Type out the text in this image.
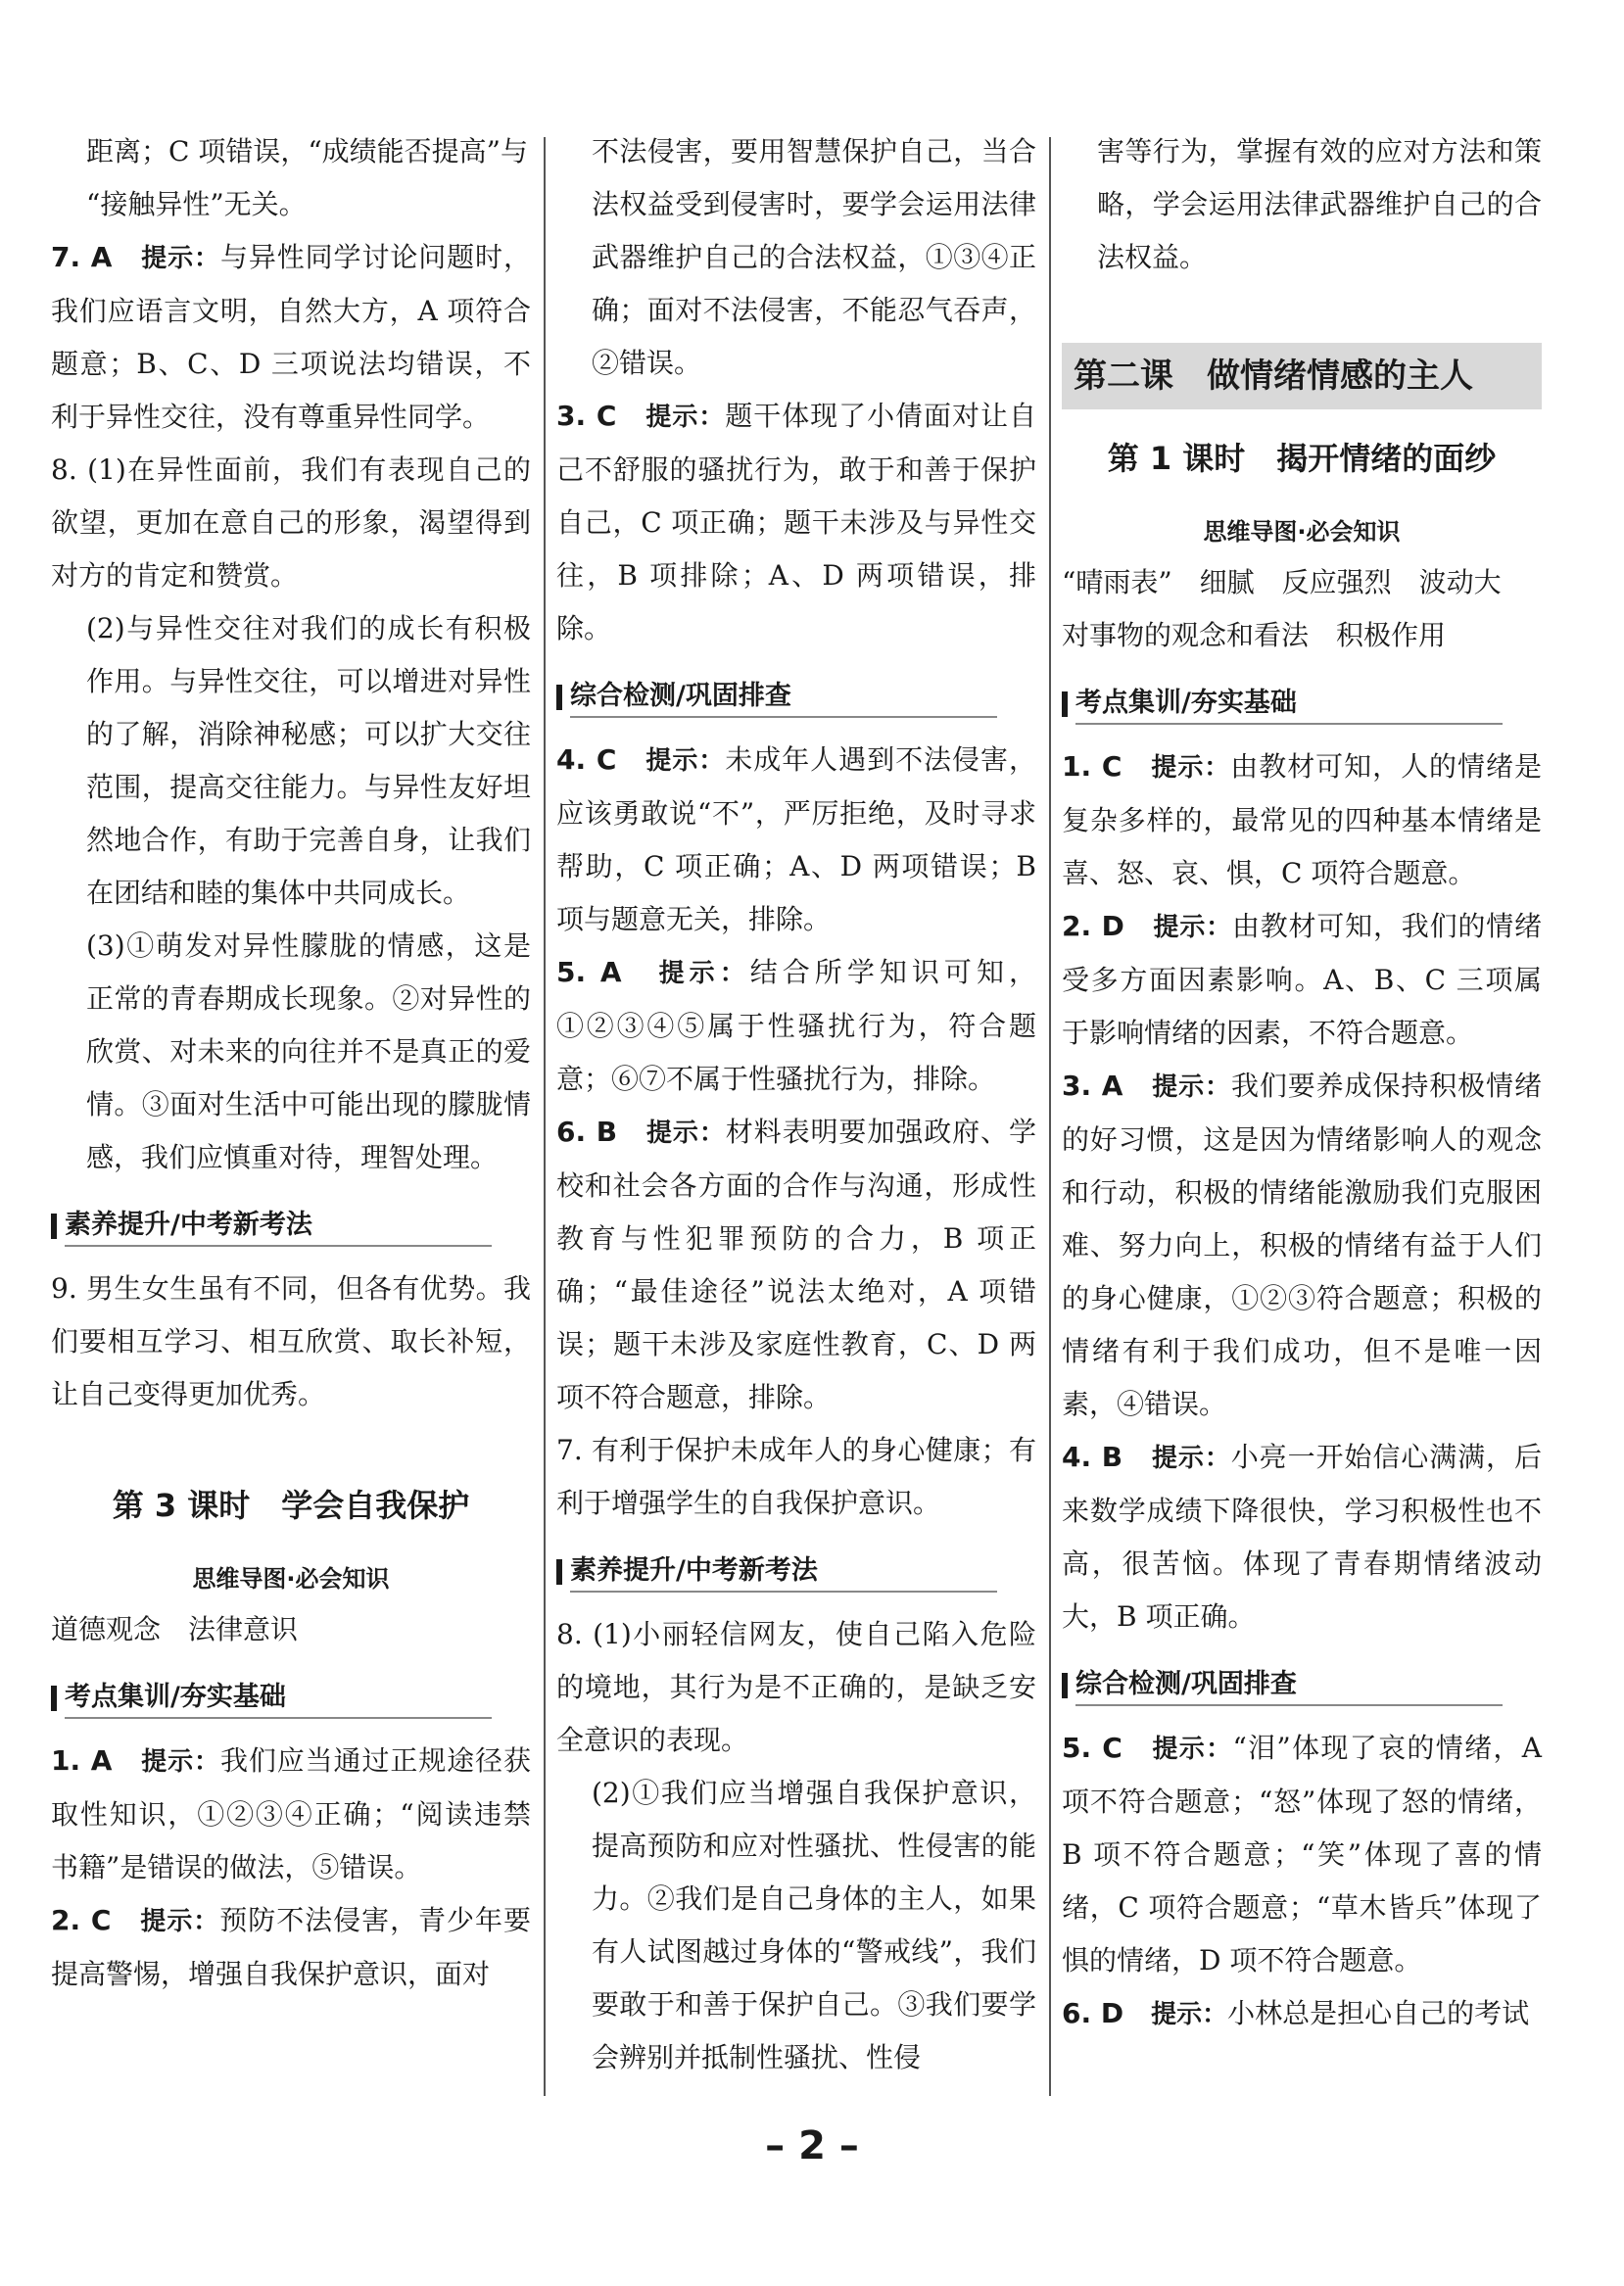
距离；C 项错误，“成绩能否提高”与

“接触异性”无关。

7. A　 提示：与异性同学讨论问题时，我们应语言文明，自然大方，A 项符合题意；B、C、D 三项说法均错误，不利于异性交往，没有尊重异性同学。

8. (1)在异性面前，我们有表现自己的欲望，更加在意自己的形象，渴望得到对方的肯定和赞赏。

(2)与异性交往对我们的成长有积极作用。与异性交往，可以增进对异性的了解，消除神秘感；可以扩大交往范围，提高交往能力。与异性友好坦然地合作，有助于完善自身，让我们在团结和睦的集体中共同成长。

(3)①萌发对异性朦胧的情感，这是正常的青春期成长现象。②对异性的欣赏、对未来的向往并不是真正的爱情。③面对生活中可能出现的朦胧情感，我们应慎重对待，理智处理。

素养提升/中考新考法

9. 男生女生虽有不同，但各有优势。我们要相互学习、相互欣赏、取长补短，让自己变得更加优秀。

第 3 课时　学会自我保护
思维导图·必会知识

道德观念　法律意识

考点集训/夯实基础

1. A　 提示：我们应当通过正规途径获取性知识，①②③④正确；“阅读违禁书籍”是错误的做法，⑤错误。

2. C　 提示：预防不法侵害，青少年要提高警惕，增强自我保护意识，面对

不法侵害，要用智慧保护自己，当合法权益受到侵害时，要学会运用法律武器维护自己的合法权益，①③④正确；面对不法侵害，不能忍气吞声，②错误。

3. C　 提示：题干体现了小倩面对让自己不舒服的骚扰行为，敢于和善于保护自己，C 项正确；题干未涉及与异性交往，B 项排除；A、D 两项错误，排除。

综合检测/巩固排查

4. C　 提示：未成年人遇到不法侵害，应该勇敢说“不”，严厉拒绝，及时寻求帮助，C 项正确；A、D 两项错误；B 项与题意无关，排除。

5. A　 提示：结合所学知识可知，①②③④⑤属于性骚扰行为，符合题意；⑥⑦不属于性骚扰行为，排除。

6. B　 提示：材料表明要加强政府、学校和社会各方面的合作与沟通，形成性教育与性犯罪预防的合力，B 项正确；“最佳途径”说法太绝对，A 项错误；题干未涉及家庭性教育，C、D 两项不符合题意，排除。

7. 有利于保护未成年人的身心健康；有利于增强学生的自我保护意识。

素养提升/中考新考法

8. (1)小丽轻信网友，使自己陷入危险的境地，其行为是不正确的，是缺乏安全意识的表现。

(2)①我们应当增强自我保护意识，提高预防和应对性骚扰、性侵害的能力。②我们是自己身体的主人，如果有人试图越过身体的“警戒线”，我们要敢于和善于保护自己。③我们要学会辨别并抵制性骚扰、性侵

害等行为，掌握有效的应对方法和策略，学会运用法律武器维护自己的合法权益。

第二课　做情绪情感的主人
第 1 课时　揭开情绪的面纱
思维导图·必会知识

“晴雨表”　细腻　反应强烈　波动大

对事物的观念和看法　积极作用

考点集训/夯实基础

1. C　 提示：由教材可知，人的情绪是复杂多样的，最常见的四种基本情绪是喜、怒、哀、惧，C 项符合题意。

2. D　 提示：由教材可知，我们的情绪受多方面因素影响。A、B、C 三项属于影响情绪的因素，不符合题意。

3. A　 提示：我们要养成保持积极情绪的好习惯，这是因为情绪影响人的观念和行动，积极的情绪能激励我们克服困难、努力向上，积极的情绪有益于人们的身心健康，①②③符合题意；积极的情绪有利于我们成功，但不是唯一因素，④错误。

4. B　 提示：小亮一开始信心满满，后来数学成绩下降很快，学习积极性也不高，很苦恼。体现了青春期情绪波动大，B 项正确。

综合检测/巩固排查

5. C　 提示：“泪”体现了哀的情绪，A 项不符合题意；“怒”体现了怒的情绪，B 项不符合题意；“笑”体现了喜的情绪，C 项符合题意；“草木皆兵”体现了惧的情绪，D 项不符合题意。

6. D　 提示：小林总是担心自己的考试

– 2 –
